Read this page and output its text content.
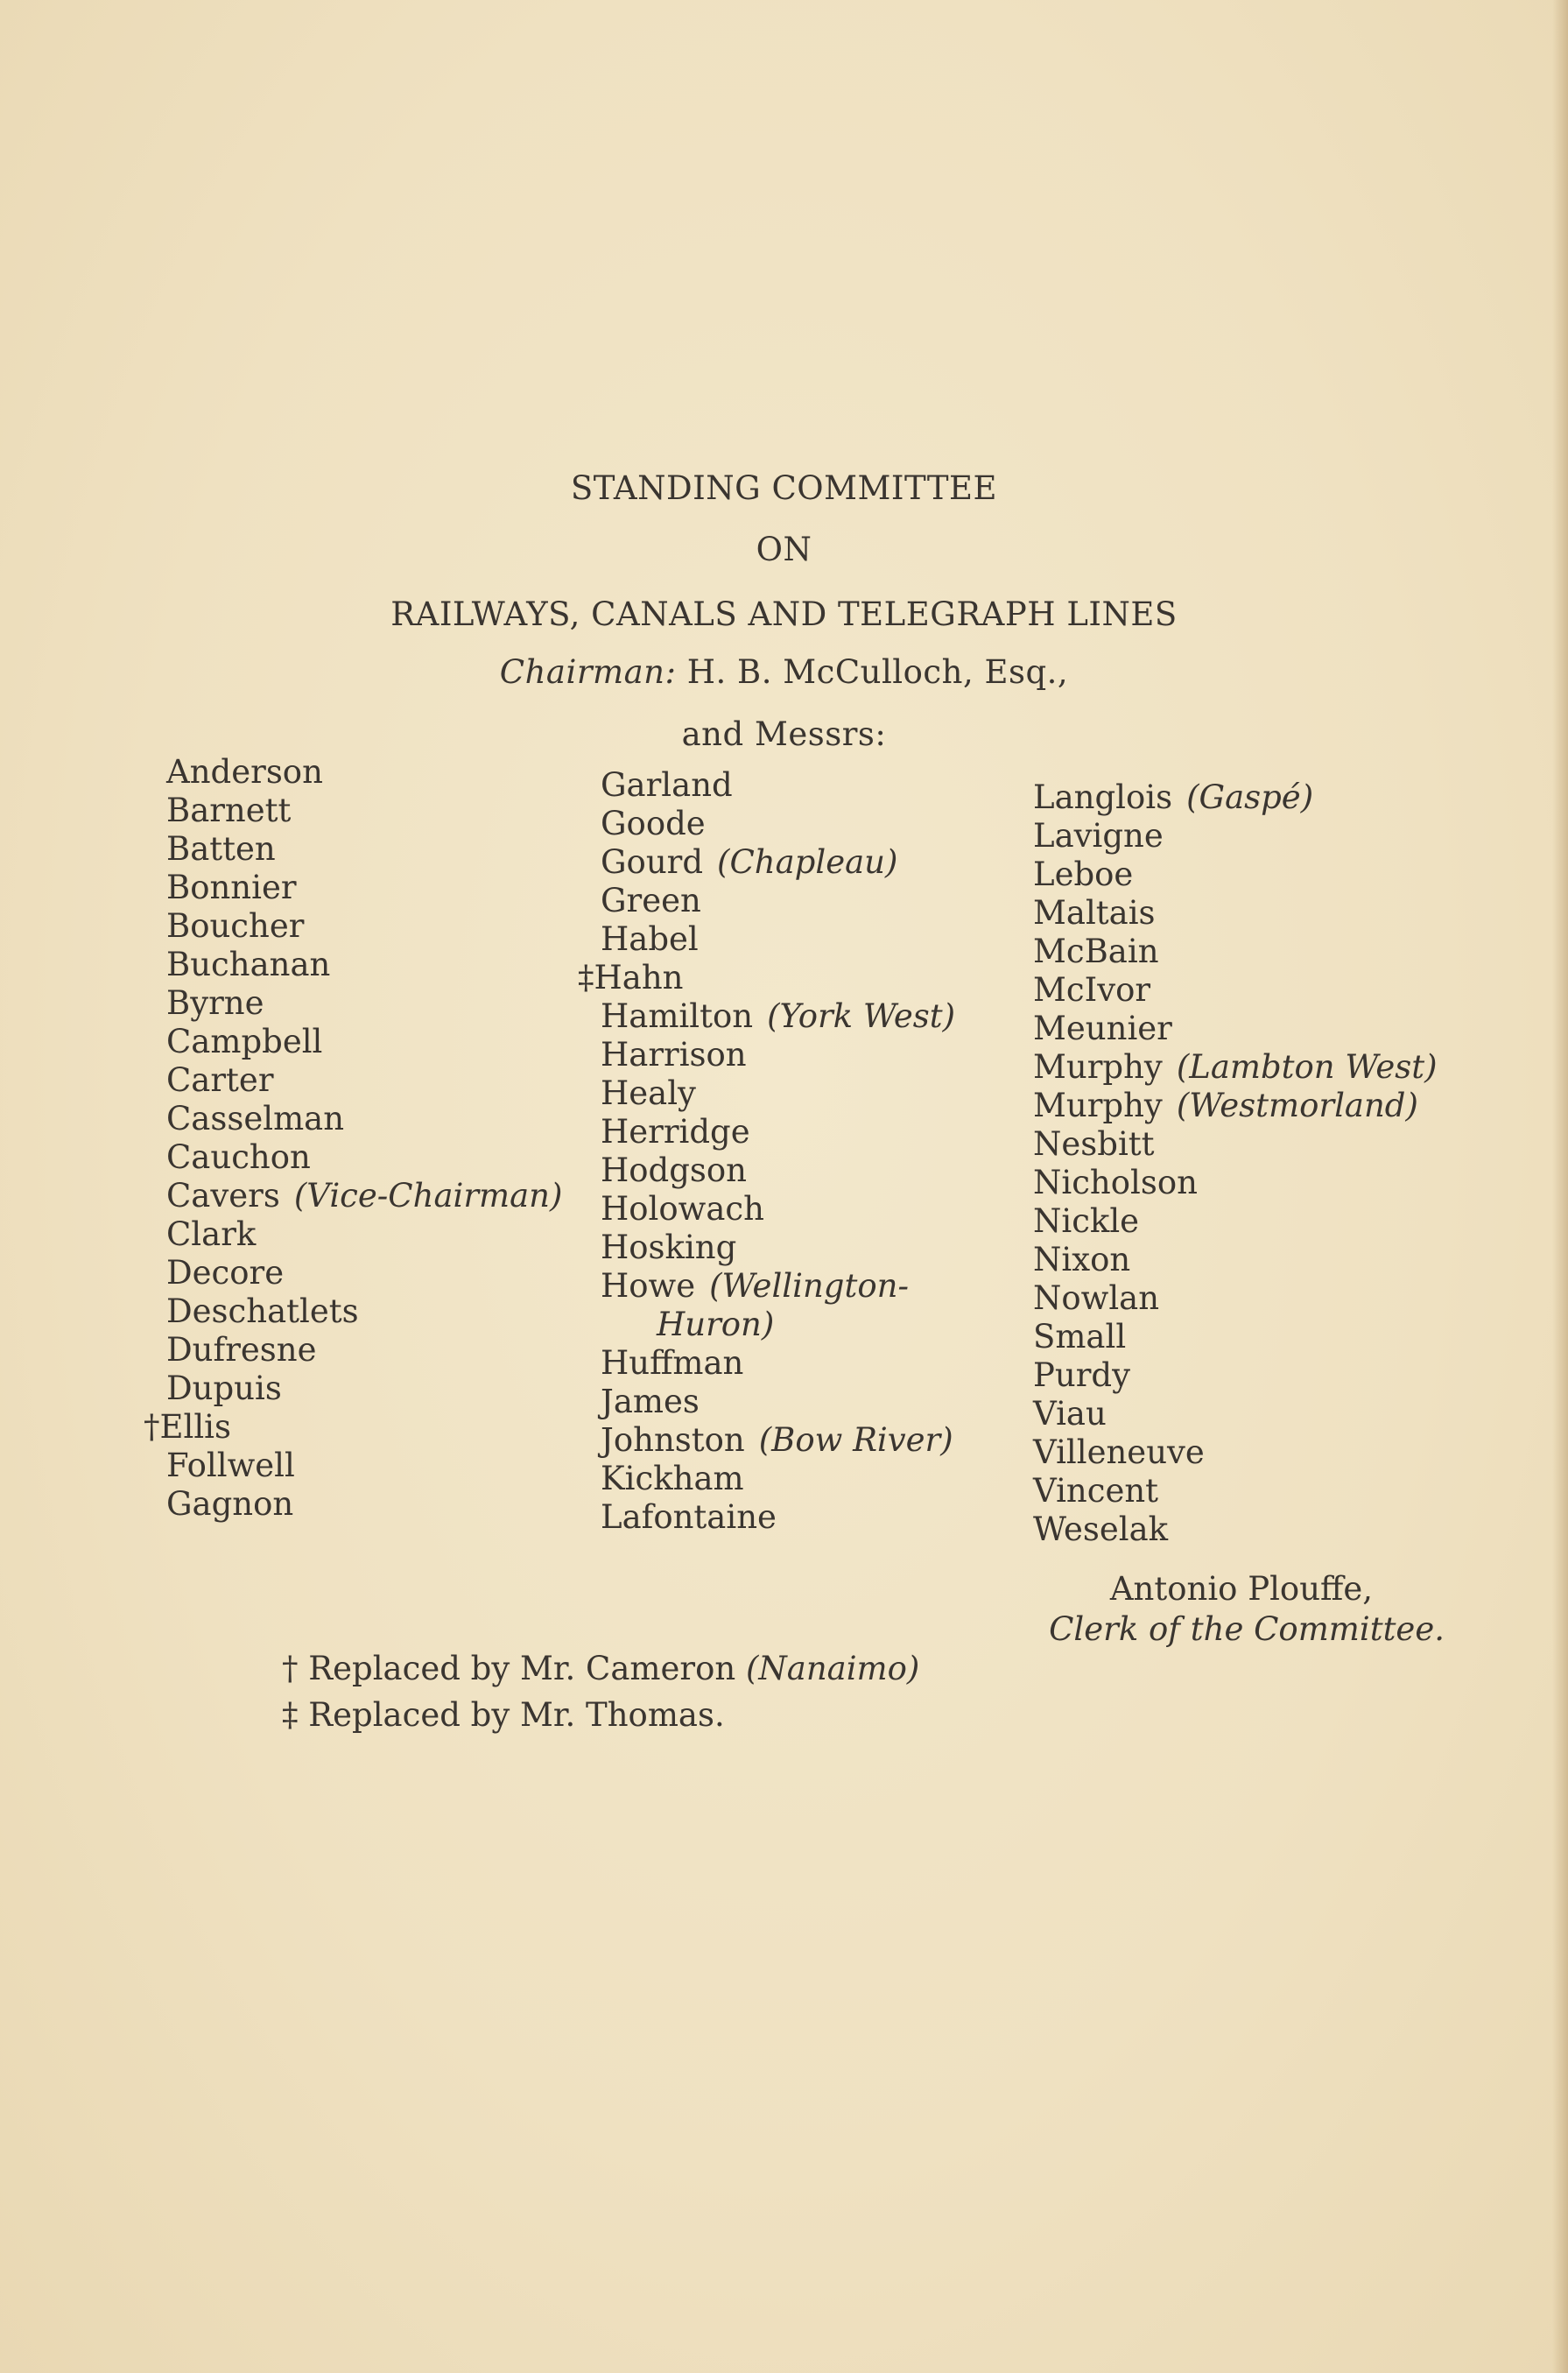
STANDING COMMITTEE
ON
RAILWAYS, CANALS AND TELEGRAPH LINES
Chairman: H. B. McCulloch, Esq.,
and Messrs:
Anderson
Barnett
Batten
Bonnier
Boucher
Buchanan
Byrne
Campbell
Carter
Casselman
Cauchon
Cavers (Vice-Chairman)
Clark
Decore
Deschatlets
Dufresne
Dupuis
†Ellis
Follwell
Gagnon
Garland
Goode
Gourd (Chapleau)
Green
Habel
‡Hahn
Hamilton (York West)
Harrison
Healy
Herridge
Hodgson
Holowach
Hosking
Howe (Wellington-
Huron)
Huffman
James
Johnston (Bow River)
Kickham
Lafontaine
Langlois (Gaspé)
Lavigne
Leboe
Maltais
McBain
McIvor
Meunier
Murphy (Lambton West)
Murphy (Westmorland)
Nesbitt
Nicholson
Nickle
Nixon
Nowlan
Small
Purdy
Viau
Villeneuve
Vincent
Weselak
Antonio Plouffe,
Clerk of the Committee.
† Replaced by Mr. Cameron (Nanaimo)
‡ Replaced by Mr. Thomas.
